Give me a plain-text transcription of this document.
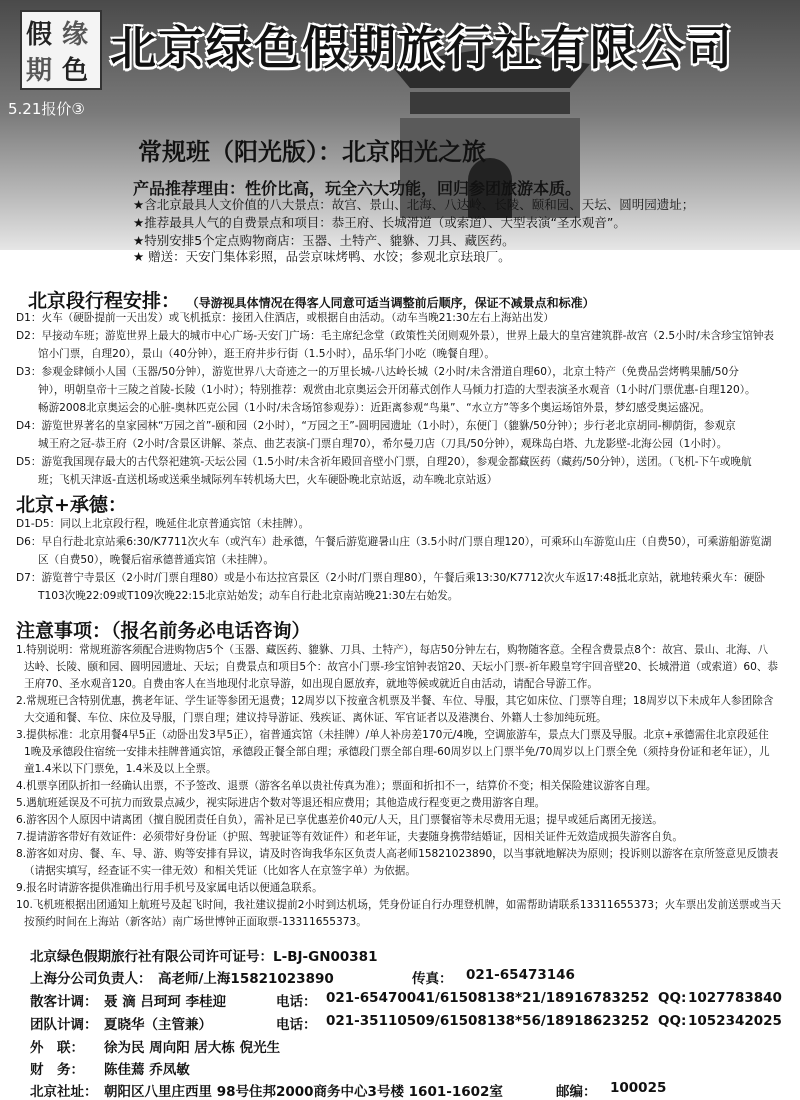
假 缘
期 色 北京绿色假期旅行社有限公司
5.21报价③
常规班（阳光版）：北京阳光之旅
产品推荐理由：性价比高，玩全六大功能，回归参团旅游本质。
★含北京最具人文价值的八大景点：故宫、景山、北海、八达岭、长陵、颐和园、天坛、圆明园遗址；
★推荐最具人气的自费景点和项目：恭王府、长城滑道（或索道）、大型表演“圣水观音”。
★特别安排5个定点购物商店：玉器、土特产、貔貅、刀具、藏医药。
★ 赠送：天安门集体彩照，品尝京味烤鸭、水饺；参观北京珐琅厂。
北京段行程安排： （导游视具体情况在得客人同意可适当调整前后顺序，保证不减景点和标准）
D1：火车（硬卧提前一天出发）或飞机抵京：接团入住酒店，或根据自由活动。（动车当晚21:30左右上海站出发）
D2：早接动车班；游览世界上最大的城市中心广场-天安门广场：毛主席纪念堂（政策性关闭则观外景），世界上最大的皇宫建筑群-故宫（2.5小时/未含珍宝馆钟表
馆小门票，自理20），景山（40分钟），逛王府井步行街（1.5小时），品乐华门小吃（晚餐自理）。
D3：参观金肆倾小人国（玉器/50分钟），游览世界八大奇迹之一的万里长城-八达岭长城（2小时/未含滑道自理60），北京土特产（免费品尝烤鸭果脯/50分
钟），明朝皇帝十三陵之首陵-长陵（1小时）；特别推荐：观赏由北京奥运会开闭幕式创作人马倾力打造的大型表演圣水观音（1小时/门票优惠-自理120）。
畅游2008北京奥运会的心脏-奥林匹克公园（1小时/未含场馆参观券）：近距离参观“鸟巢”、“水立方”等多个奥运场馆外景，梦幻感受奥运盛况。
D4：游览世界著名的皇家园林“万园之首”-颐和园（2小时），“万园之王”-圆明园遗址（1小时），东便门（貔貅/50分钟）；步行老北京胡同-柳荫街，参观京
城王府之冠-恭王府（2小时/含景区讲解、茶点、曲艺表演-门票自理70），希尔曼刀店（刀具/50分钟），观珠岛白塔、九龙影壁-北海公园（1小时）。
D5：游览我国现存最大的古代祭祀建筑-天坛公园（1.5小时/未含祈年殿回音壁小门票，自理20），参观金都藏医药（藏药/50分钟），送团。（飞机-下午或晚航
班；飞机天津返-直送机场或送乘坐城际列车转机场大巴，火车硬卧晚北京站返，动车晚北京站返）
北京+承德：
D1-D5：同以上北京段行程，晚延住北京普通宾馆（未挂牌）。
D6：早自行赴北京站乘6:30/K7711次火车（或汽车）赴承德，午餐后游览避暑山庄（3.5小时/门票自理120），可乘环山车游览山庄（自费50），可乘游船游览湖
区（自费50），晚餐后宿承德普通宾馆（未挂牌）。
D7：游览普宁寺景区（2小时/门票自理80）或是小布达拉宫景区（2小时/门票自理80），午餐后乘13:30/K7712次火车返17:48抵北京站，就地转乘火车：硬卧
T103次晚22:09或T109次晚22:15北京站始发；动车自行赴北京南站晚21:30左右始发。
注意事项：（报名前务必电话咨询）
1.特别说明：常规班游客须配合进购物店5个（玉器、藏医药、貔貅、刀具、土特产），每店50分钟左右，购物随客意。全程含费景点8个：故宫、景山、北海、八
达岭、长陵、颐和园、圆明园遗址、天坛；自费景点和项目5个：故宫小门票-珍宝馆钟表馆20、天坛小门票-祈年殿皇穹宇回音壁20、长城滑道（或索道）60、恭
王府70、圣水观音120。自费由客人在当地现付北京导游，如出现自愿放弃，就地等候或就近自由活动，请配合导游工作。
2.常规班已含特别优惠，携老年证、学生证等参团无退费；12周岁以下按童含机票及半餐、车位、导服，其它如床位、门票等自理；18周岁以下未成年人参团除含
大交通和餐、车位、床位及导服，门票自理；建议持导游证、残疾证、离休证、军官证者以及港澳台、外籍人士参加纯玩班。
3.提供标准：北京用餐4早5正（动卧出发3早5正），宿普通宾馆（未挂牌）/单人补房差170元/4晚，空调旅游车，景点大门票及导服。北京+承德需住北京段延住
1晚及承德段住宿统一安排未挂牌普通宾馆，承德段正餐全部自理；承德段门票全部自理-60周岁以上门票半免/70周岁以上门票全免（须持身份证和老年证），儿
童1.4米以下门票免，1.4米及以上全票。
4.机票享团队折扣一经确认出票，不予签改、退票（游客名单以贵社传真为准）；票面和折扣不一，结算价不变；相关保险建议游客自理。
5.遇航班延误及不可抗力而致景点减少，视实际进店个数对等退还相应费用；其他造成行程变更之费用游客自理。
6.游客因个人原因中请离团（擅自脱团责任自负），需补足已享优惠差价40元/人天，且门票餐宿等未尽费用无退；提早或延后离团无接送。
7.提请游客带好有效证件：必须带好身份证（护照、驾驶证等有效证件）和老年证，夫妻随身携带结婚证，因相关证件无效造成损失游客自负。
8.游客如对房、餐、车、导、游、购等安排有异议，请及时咨询我华东区负责人高老师15821023890，以当事就地解决为原则；投诉则以游客在京所签意见反馈表
（请据实填写，经查证不实一律无效）和相关凭证（比如客人在京签字单）为依据。
9.报名时请游客提供准确出行用手机号及家属电话以便通急联系。
10.飞机班根据出团通知上航班号及起飞时间，我社建议提前2小时到达机场，凭身份证自行办理登机牌，如需帮助请联系13311655373；火车票出发前送票或当天
按预约时间在上海站（新客站）南广场世博钟正面取票-13311655373。
北京绿色假期旅行社有限公司许可证号：L-BJ-GN00381
上海分公司负责人： 高老师/上海15821023890	传真： 021-65473146
散客计调： 聂 滴 吕珂珂 李桂迎	电话： 021-65470041/61508138*21/18916783252 QQ: 1027783840
团队计调： 夏晓华（主管兼）	电话： 021-35110509/61508138*56/18918623252 QQ: 1052342025
外　联： 徐为民 周向阳 居大栋 倪光生
财　务： 陈佳蔫 乔凤敏
北京社址： 朝阳区八里庄西里 98号住邦2000商务中心3号楼 1601-1602室	邮编： 100025
